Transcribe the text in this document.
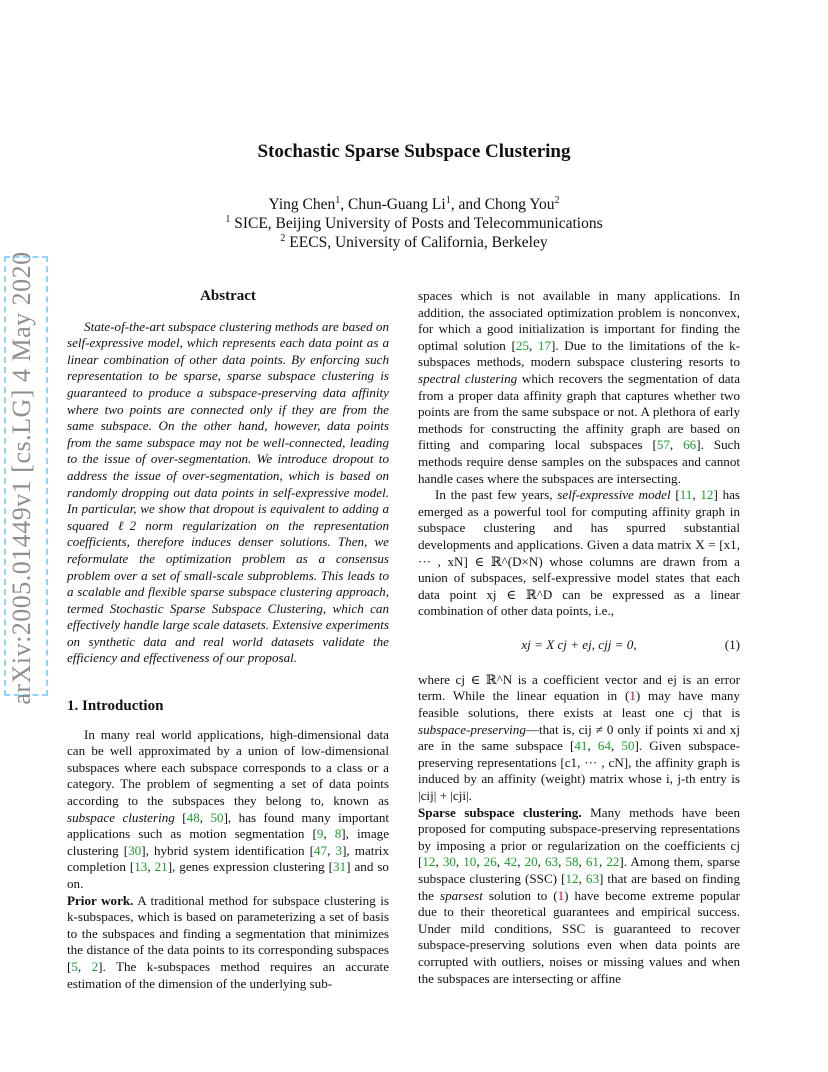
arXiv:2005.01449v1 [cs.LG] 4 May 2020
Stochastic Sparse Subspace Clustering
Ying Chen$^1$, Chun-Guang Li$^1$, and Chong You$^2$
$^1$ SICE, Beijing University of Posts and Telecommunications
$^2$ EECS, University of California, Berkeley
Abstract

State-of-the-art subspace clustering methods are based on self-expressive model, which represents each data point as a linear combination of other data points. By enforcing such representation to be sparse, sparse subspace clustering is guaranteed to produce a subspace-preserving data affinity where two points are connected only if they are from the same subspace. On the other hand, however, data points from the same subspace may not be well-connected, leading to the issue of over-segmentation. We introduce dropout to address the issue of over-segmentation, which is based on randomly dropping out data points in self-expressive model. In particular, we show that dropout is equivalent to adding a squared ℓ2 norm regularization on the representation coefficients, therefore induces denser solutions. Then, we reformulate the optimization problem as a consensus problem over a set of small-scale subproblems. This leads to a scalable and flexible sparse subspace clustering approach, termed Stochastic Sparse Subspace Clustering, which can effectively handle large scale datasets. Extensive experiments on synthetic data and real world datasets validate the efficiency and effectiveness of our proposal.

1. Introduction

In many real world applications, high-dimensional data can be well approximated by a union of low-dimensional subspaces where each subspace corresponds to a class or a category. The problem of segmenting a set of data points according to the subspaces they belong to, known as subspace clustering [48, 50], has found many important applications such as motion segmentation [9, 8], image clustering [30], hybrid system identification [47, 3], matrix completion [13, 21], genes expression clustering [31] and so on.

Prior work. A traditional method for subspace clustering is k-subspaces, which is based on parameterizing a set of basis to the subspaces and finding a segmentation that minimizes the distance of the data points to its corresponding subspaces [5, 2]. The k-subspaces method requires an accurate estimation of the dimension of the underlying sub-

spaces which is not available in many applications. In addition, the associated optimization problem is nonconvex, for which a good initialization is important for finding the optimal solution [25, 17]. Due to the limitations of the k-subspaces methods, modern subspace clustering resorts to spectral clustering which recovers the segmentation of data from a proper data affinity graph that captures whether two points are from the same subspace or not. A plethora of early methods for constructing the affinity graph are based on fitting and comparing local subspaces [57, 66]. Such methods require dense samples on the subspaces and cannot handle cases where the subspaces are intersecting.

In the past few years, self-expressive model [11, 12] has emerged as a powerful tool for computing affinity graph in subspace clustering and has spurred substantial developments and applications. Given a data matrix X = [x1, ··· , xN] ∈ ℝ^(D×N) whose columns are drawn from a union of subspaces, self-expressive model states that each data point xj ∈ ℝ^D can be expressed as a linear combination of other data points, i.e.,

xj = X cj + ej, cjj = 0,	(1)

where cj ∈ ℝ^N is a coefficient vector and ej is an error term. While the linear equation in (1) may have many feasible solutions, there exists at least one cj that is subspace-preserving—that is, cij ≠ 0 only if points xi and xj are in the same subspace [41, 64, 50]. Given subspace-preserving representations [c1, ··· , cN], the affinity graph is induced by an affinity (weight) matrix whose i, j-th entry is |cij| + |cji|.

Sparse subspace clustering. Many methods have been proposed for computing subspace-preserving representations by imposing a prior or regularization on the coefficients cj [12, 30, 10, 26, 42, 20, 63, 58, 61, 22]. Among them, sparse subspace clustering (SSC) [12, 63] that are based on finding the sparsest solution to (1) have become extreme popular due to their theoretical guarantees and empirical success. Under mild conditions, SSC is guaranteed to recover subspace-preserving solutions even when data points are corrupted with outliers, noises or missing values and when the subspaces are intersecting or affine
